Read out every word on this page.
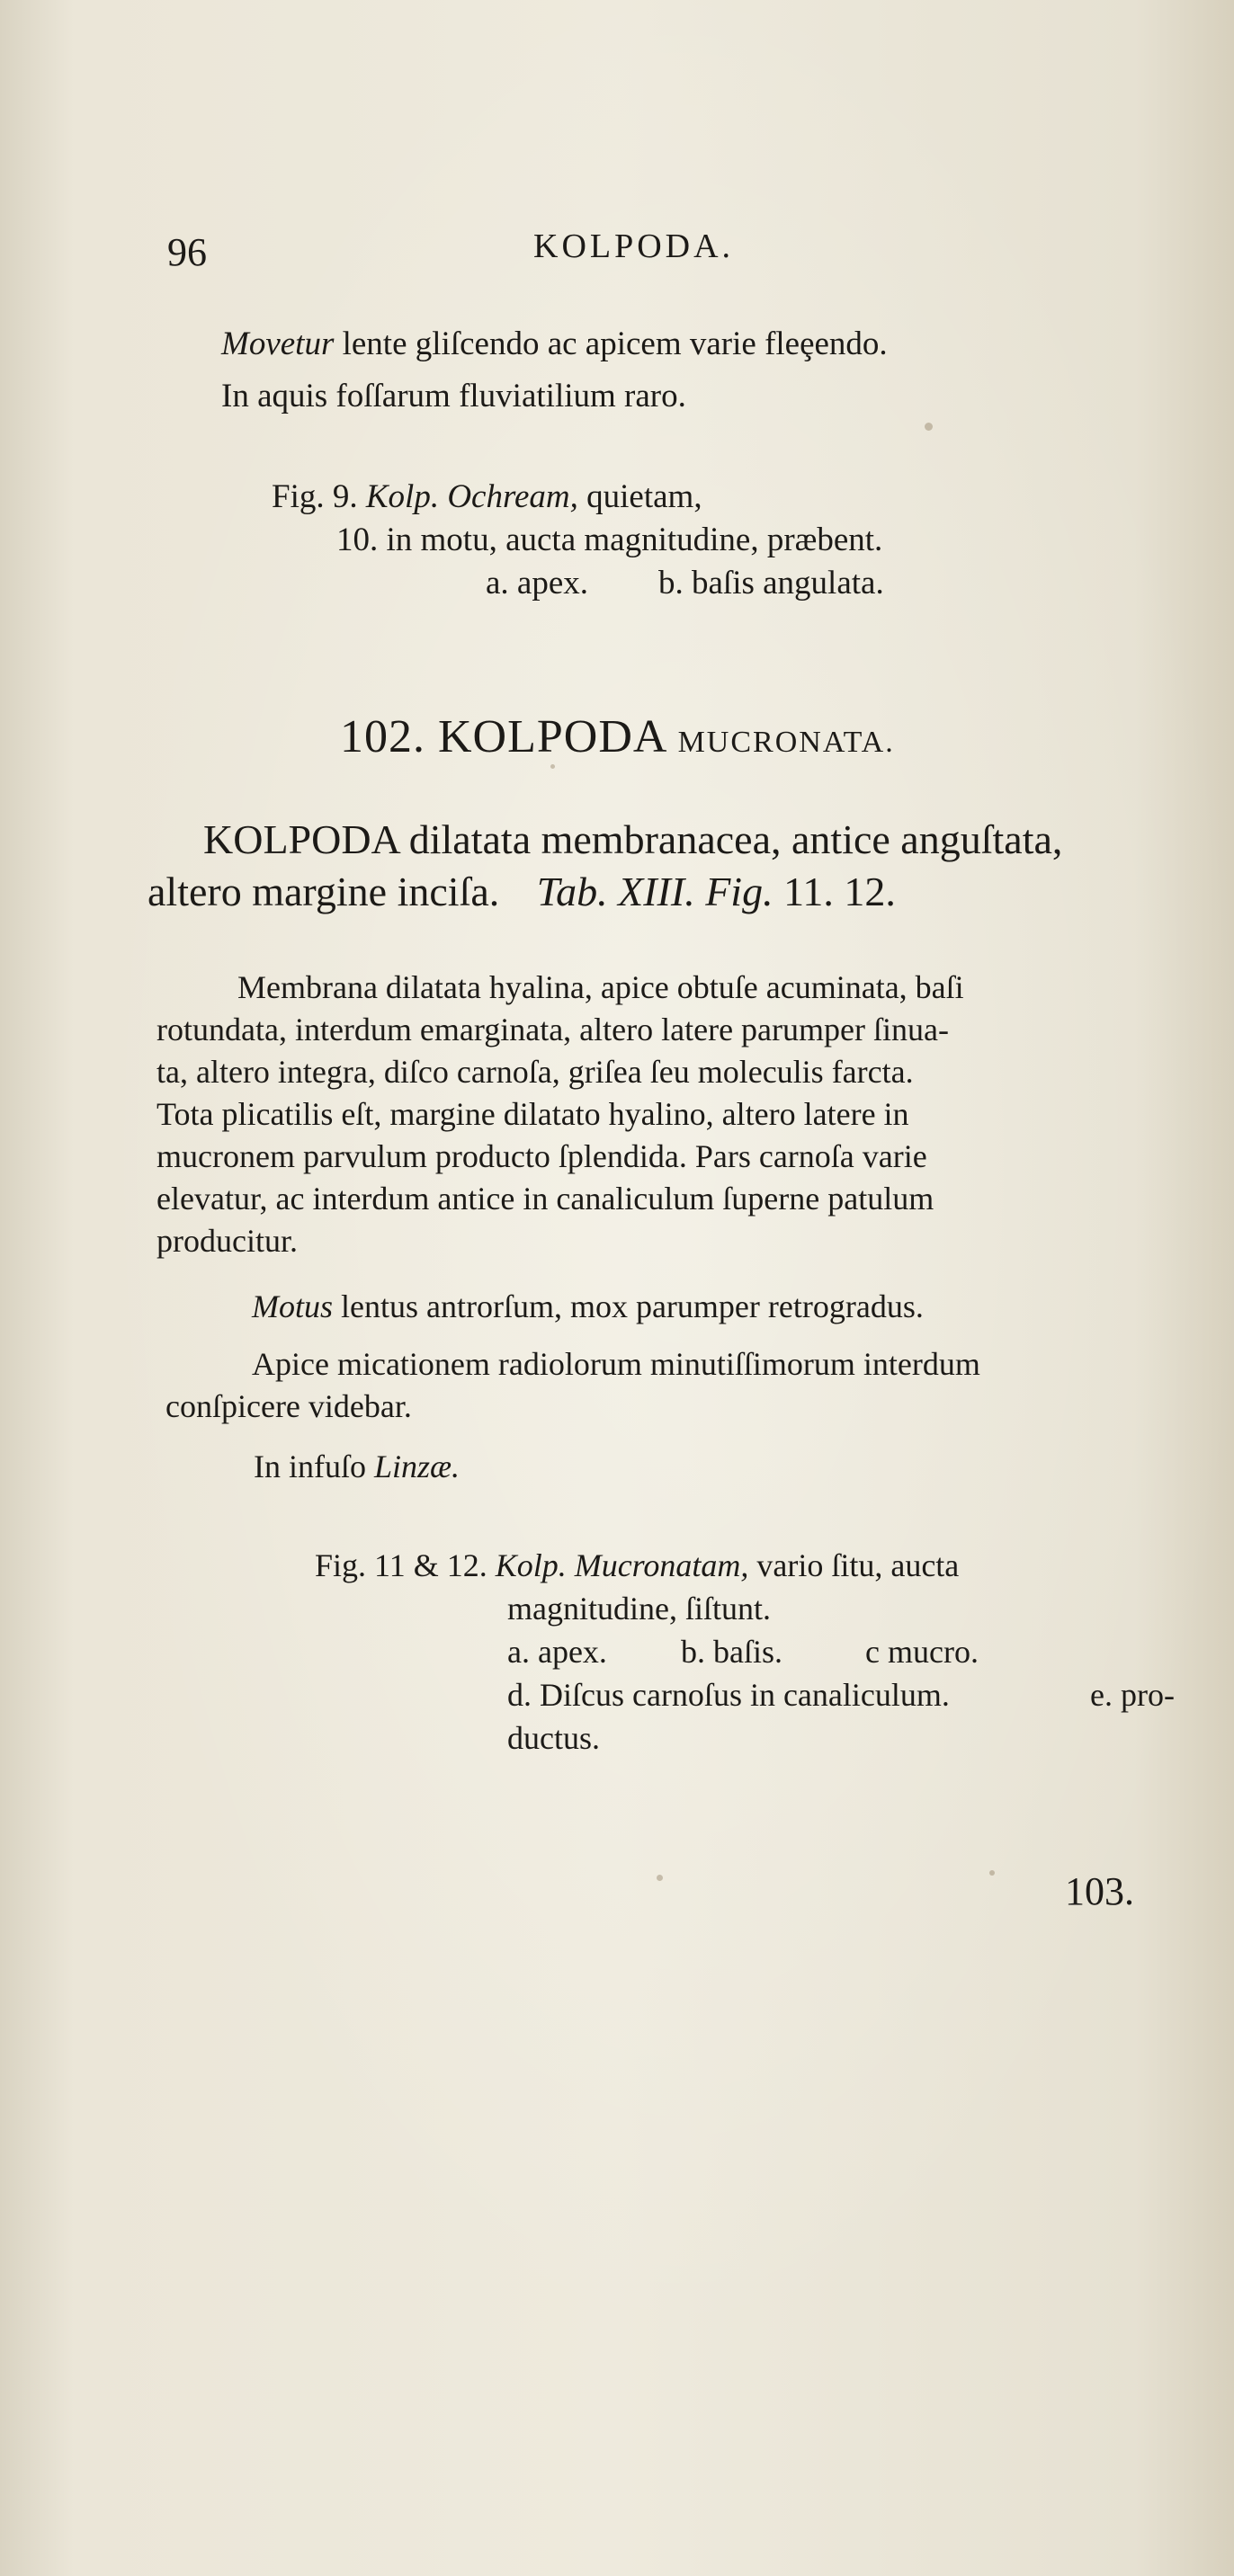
96	KOLPODA.
Movetur lente gliſcendo ac apicem varie fleȩendo.
In aquis foſſarum fluviatilium raro.
Fig. 9. Kolp. Ochream, quietam,
10. in motu, aucta magnitudine, præbent.
a. apex. b. baſis angulata.
102. KOLPODA MUCRONATA.
KOLPODA dilatata membranacea, antice anguſtata,
altero margine inciſa. Tab. XIII. Fig. 11. 12.
Membrana dilatata hyalina, apice obtuſe acuminata, baſi
rotundata, interdum emarginata, altero latere parumper ſinua-
ta, altero integra, diſco carnoſa, griſea ſeu moleculis farcta.
Tota plicatilis eſt, margine dilatato hyalino, altero latere in
mucronem parvulum producto ſplendida. Pars carnoſa varie
elevatur, ac interdum antice in canaliculum ſuperne patulum
producitur.
Motus lentus antrorſum, mox parumper retrogradus.
Apice micationem radiolorum minutiſſimorum interdum
conſpicere videbar.
In infuſo Linzæ.
Fig. 11 & 12. Kolp. Mucronatam, vario ſitu, aucta
magnitudine, ſiſtunt.
a. apex. b. baſis.	c mucro.
d. Diſcus carnoſus in canaliculum.	e. pro-
ductus.
103.
